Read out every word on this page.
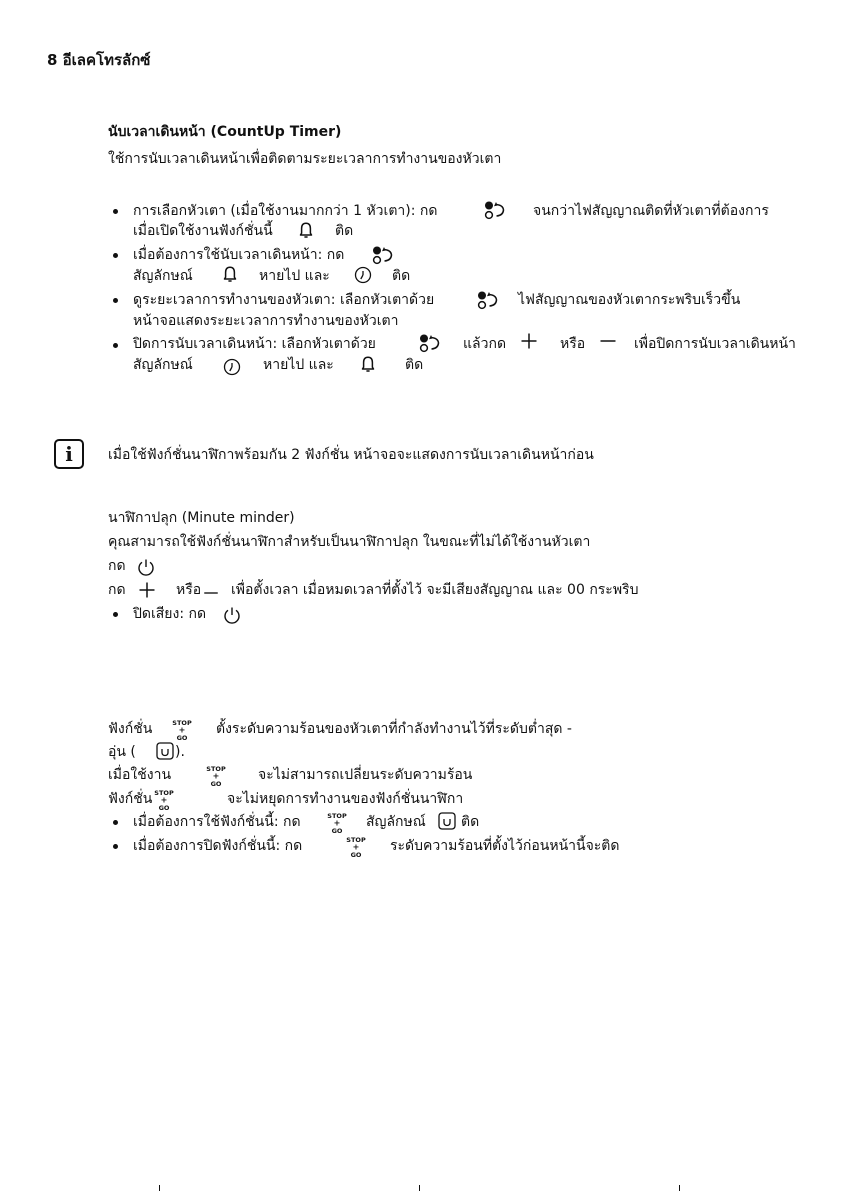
8 อีเลคโทรลักซ์
นับเวลาเดินหน้า (CountUp Timer)
ใช้การนับเวลาเดินหน้าเพื่อติดตามระยะเวลาการทำงานของหัวเตา
การเลือกหัวเตา (เมื่อใช้งานมากกว่า 1 หัวเตา): กด	จนกว่าไฟสัญญาณติดที่หัวเตาที่ต้องการ
เมื่อเปิดใช้งานฟังก์ชั่นนี้	ติด
เมื่อต้องการใช้นับเวลาเดินหน้า: กด
สัญลักษณ์	หายไป และ	ติด
ดูระยะเวลาการทำงานของหัวเตา: เลือกหัวเตาด้วย	ไฟสัญญาณของหัวเตากระพริบเร็วขึ้น
หน้าจอแสดงระยะเวลาการทำงานของหัวเตา
ปิดการนับเวลาเดินหน้า: เลือกหัวเตาด้วย	แล้วกด	หรือ	เพื่อปิดการนับเวลาเดินหน้า
สัญลักษณ์	หายไป และ	ติด
i	เมื่อใช้ฟังก์ชั่นนาฬิกาพร้อมกัน 2 ฟังก์ชั่น หน้าจอจะแสดงการนับเวลาเดินหน้าก่อน
นาฬิกาปลุก (Minute minder)
คุณสามารถใช้ฟังก์ชั่นนาฬิกาสำหรับเป็นนาฬิกาปลุก ในขณะที่ไม่ได้ใช้งานหัวเตา
กด
กด	หรือ เพื่อตั้งเวลา เมื่อหมดเวลาที่ตั้งไว้ จะมีเสียงสัญญาณ และ 00 กระพริบ
ปิดเสียง: กด
ฟังก์ชั่น	STOP
+
GO
ตั้งระดับความร้อนของหัวเตาที่กำลังทำงานไว้ที่ระดับต่ำสุด -
อุ่น (	).
เมื่อใช้งาน	STOP
+
GO
จะไม่สามารถเปลี่ยนระดับความร้อน
ฟังก์ชั่น STOP
+
GO
จะไม่หยุดการทำงานของฟังก์ชั่นนาฬิกา
เมื่อต้องการใช้ฟังก์ชั่นนี้: กด	STOP
+
GO
สัญลักษณ์	ติด
เมื่อต้องการปิดฟังก์ชั่นนี้: กด	STOP
+
GO
ระดับความร้อนที่ตั้งไว้ก่อนหน้านี้จะติด
